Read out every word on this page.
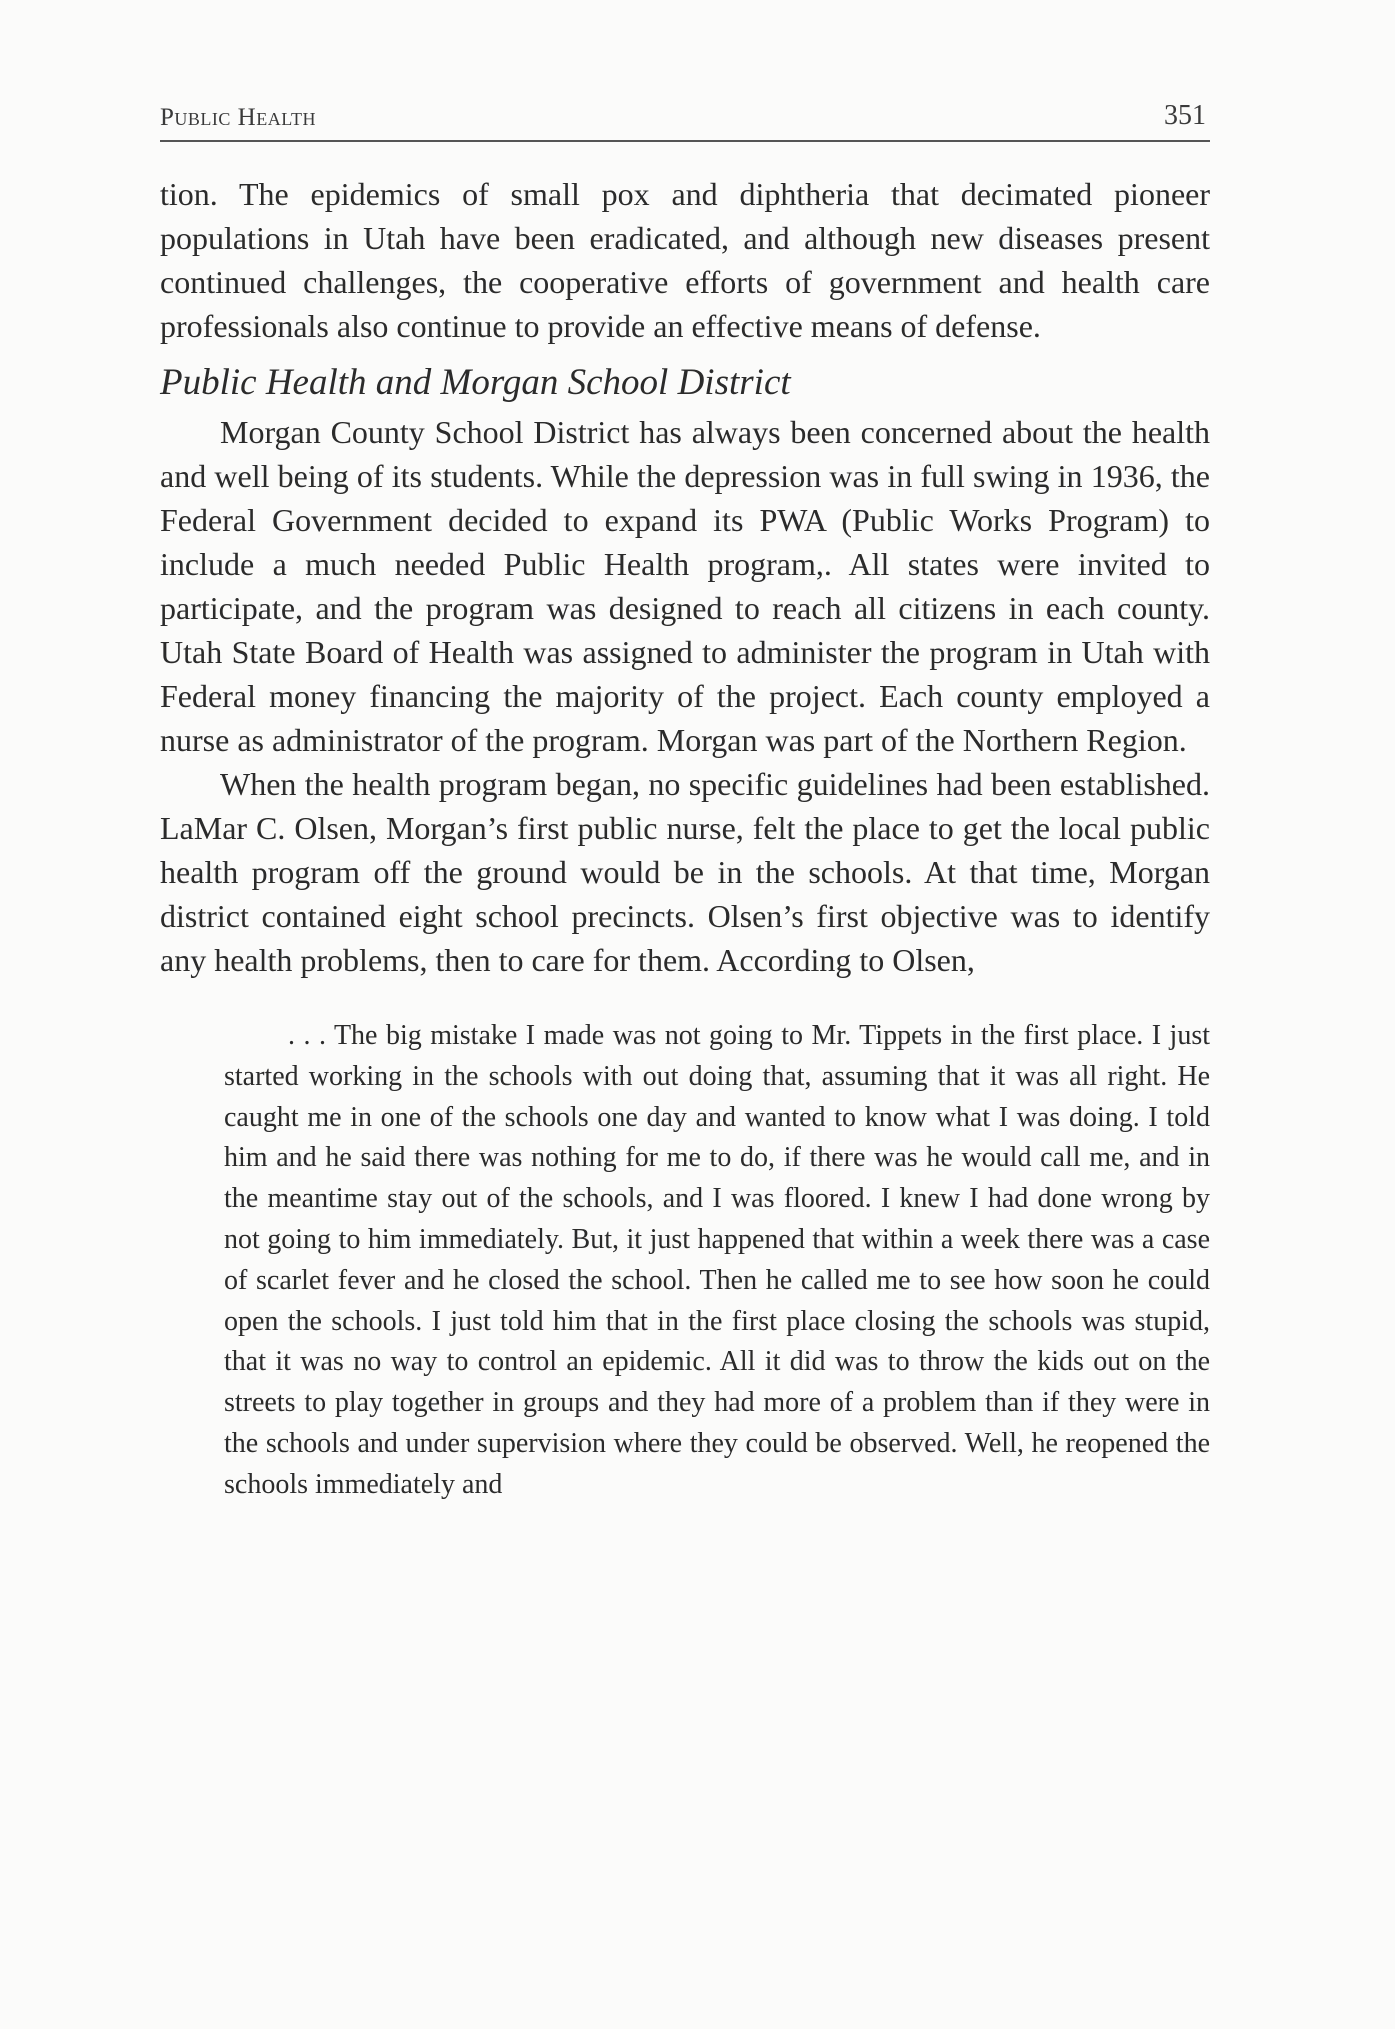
Public Health	351

tion. The epidemics of small pox and diphtheria that decimated pioneer populations in Utah have been eradicated, and although new diseases present continued challenges, the cooperative efforts of government and health care professionals also continue to provide an effective means of defense.

Public Health and Morgan School District

Morgan County School District has always been concerned about the health and well being of its students. While the depression was in full swing in 1936, the Federal Government decided to expand its PWA (Public Works Program) to include a much needed Public Health program,. All states were invited to participate, and the program was designed to reach all citizens in each county. Utah State Board of Health was assigned to administer the program in Utah with Federal money financing the majority of the project. Each county employed a nurse as administrator of the program. Morgan was part of the Northern Region.

When the health program began, no specific guidelines had been established. LaMar C. Olsen, Morgan’s first public nurse, felt the place to get the local public health program off the ground would be in the schools. At that time, Morgan district contained eight school precincts. Olsen’s first objective was to identify any health problems, then to care for them. According to Olsen,

. . . The big mistake I made was not going to Mr. Tippets in the first place. I just started working in the schools with out doing that, assuming that it was all right. He caught me in one of the schools one day and wanted to know what I was doing. I told him and he said there was nothing for me to do, if there was he would call me, and in the meantime stay out of the schools, and I was floored. I knew I had done wrong by not going to him immediately. But, it just happened that within a week there was a case of scarlet fever and he closed the school. Then he called me to see how soon he could open the schools. I just told him that in the first place closing the schools was stupid, that it was no way to control an epidemic. All it did was to throw the kids out on the streets to play together in groups and they had more of a problem than if they were in the schools and under supervision where they could be observed. Well, he reopened the schools immediately and
